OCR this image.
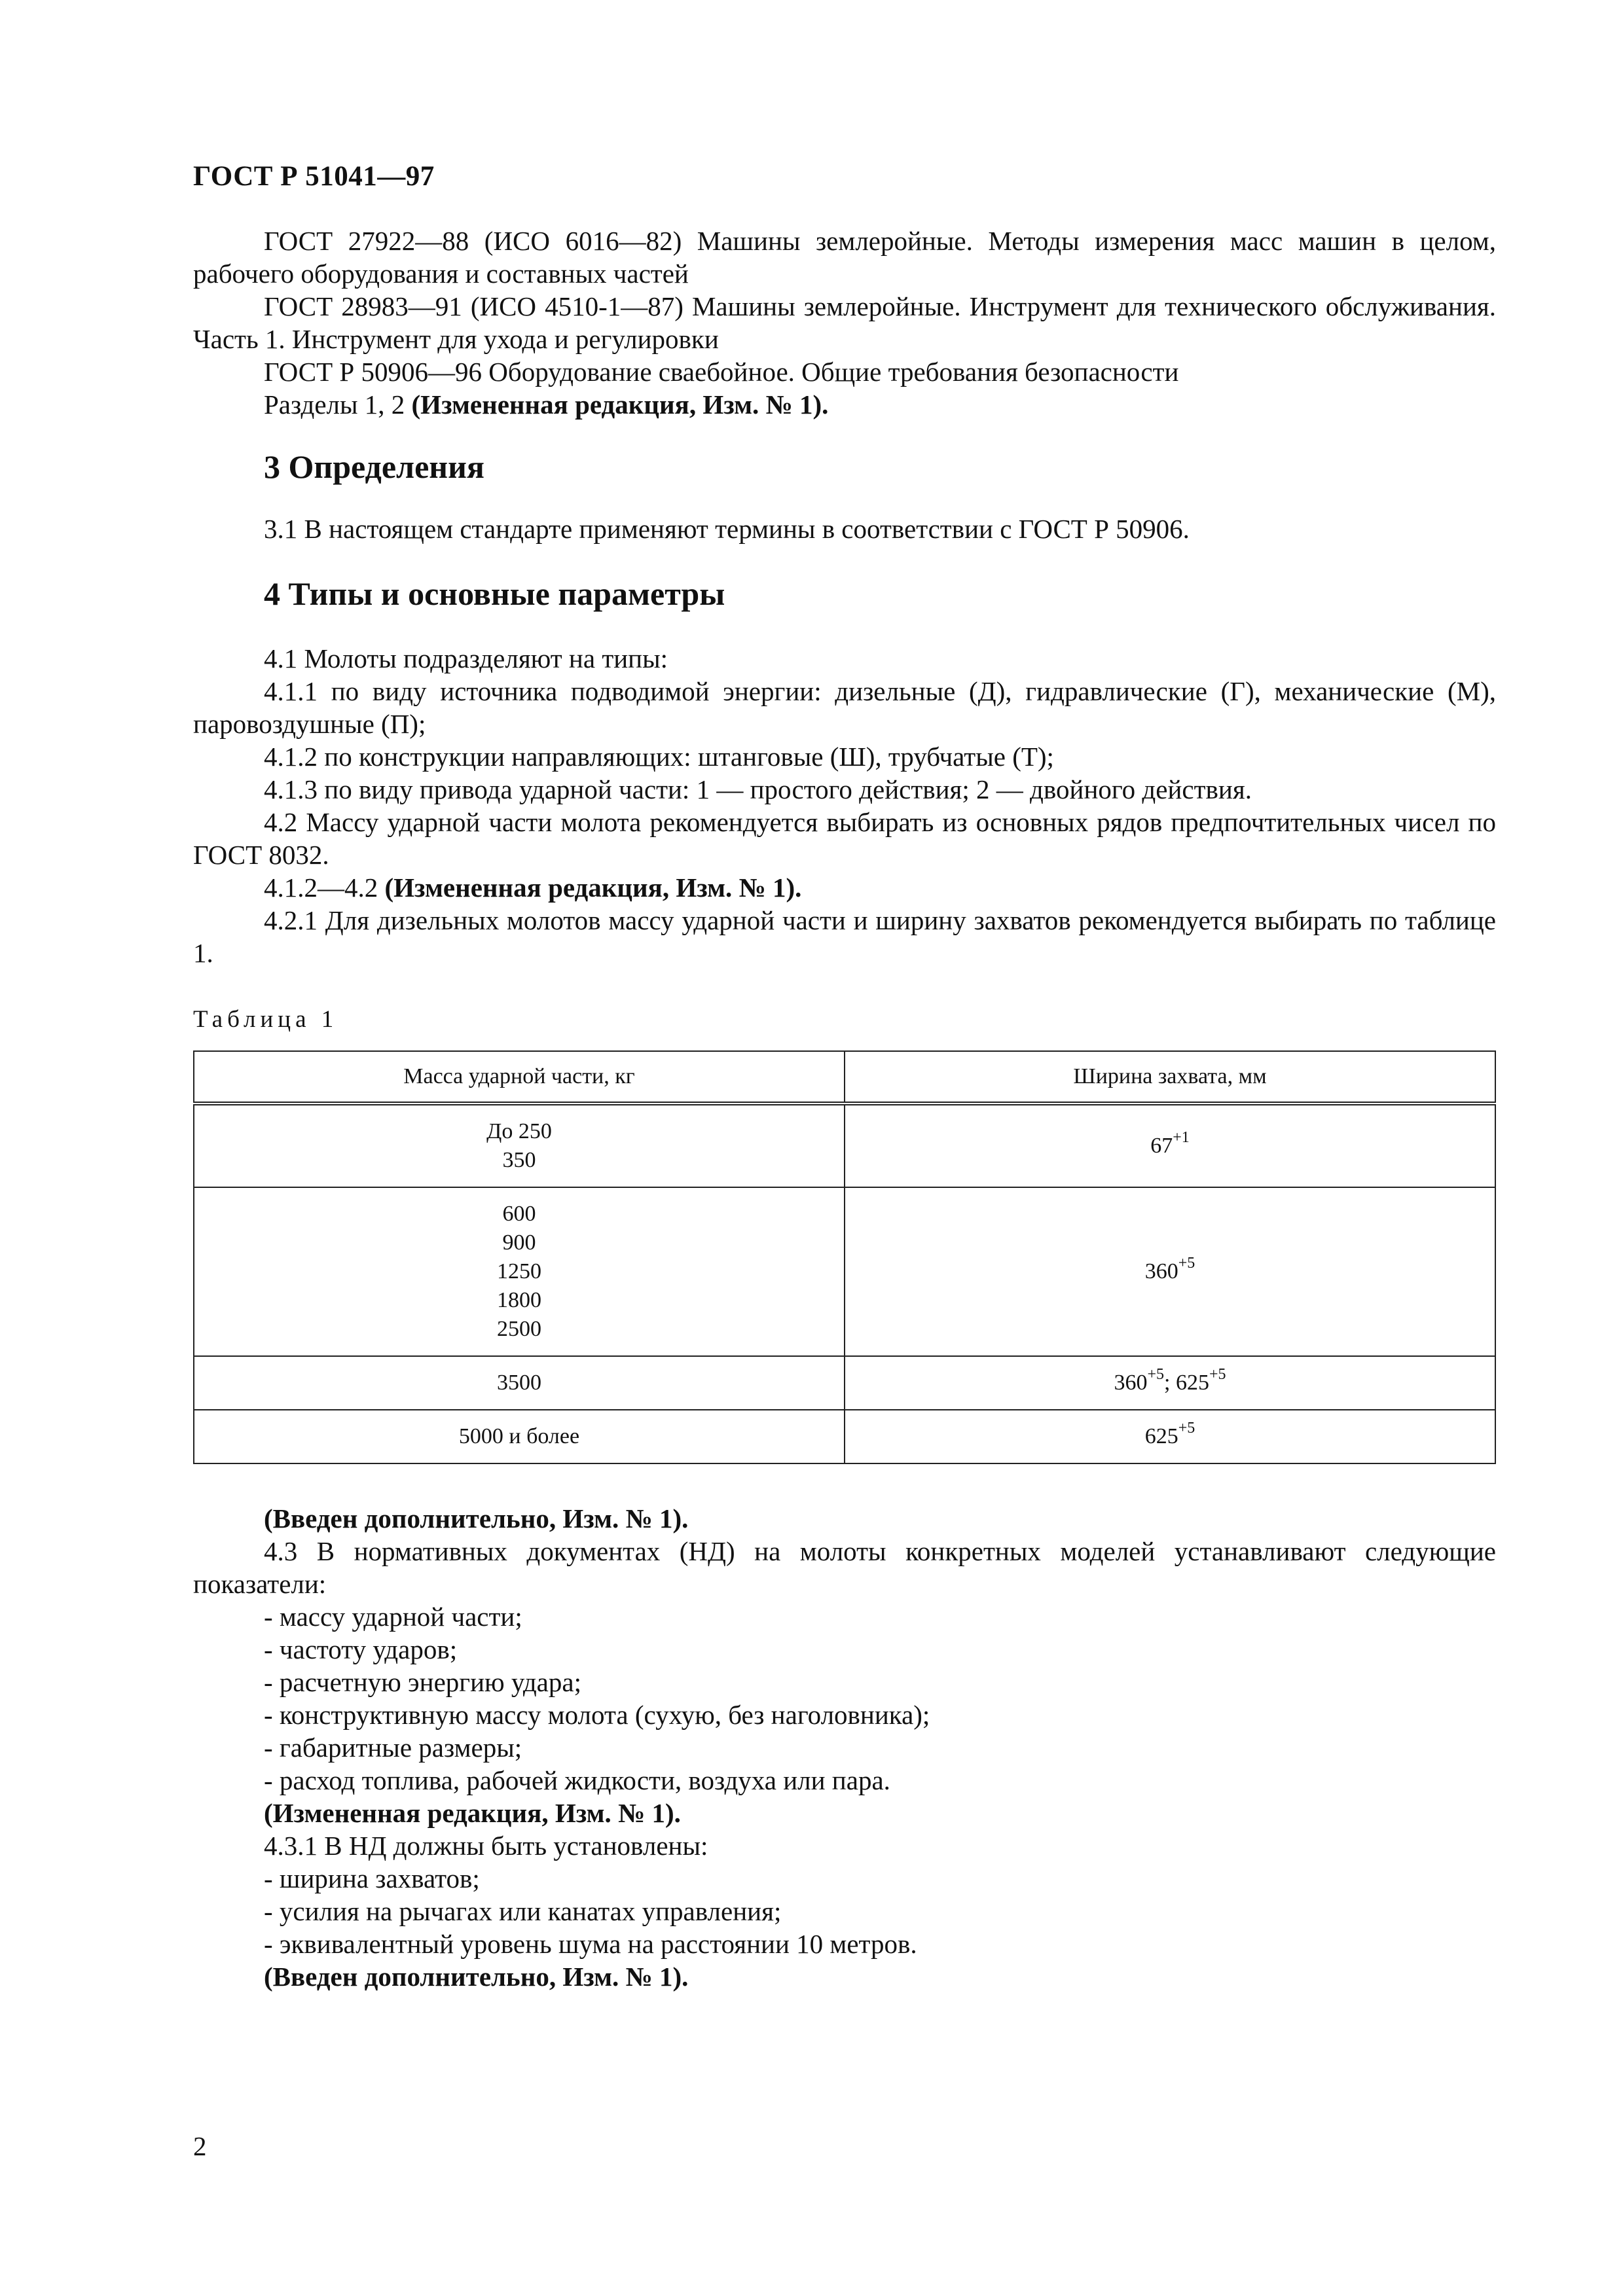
ГОСТ Р 51041—97

ГОСТ 27922—88 (ИСО 6016—82) Машины землеройные. Методы измерения масс машин в целом, рабочего оборудования и составных частей

ГОСТ 28983—91 (ИСО 4510-1—87) Машины землеройные. Инструмент для технического обслуживания. Часть 1. Инструмент для ухода и регулировки

ГОСТ Р 50906—96 Оборудование сваебойное. Общие требования безопасности

Разделы 1, 2 (Измененная редакция, Изм. № 1).

3 Определения

3.1 В настоящем стандарте применяют термины в соответствии с ГОСТ Р 50906.

4 Типы и основные параметры

4.1 Молоты подразделяют на типы:

4.1.1 по виду источника подводимой энергии: дизельные (Д), гидравлические (Г), механические (М), паровоздушные (П);

4.1.2 по конструкции направляющих: штанговые (Ш), трубчатые (Т);

4.1.3 по виду привода ударной части: 1 — простого действия; 2 — двойного действия.

4.2 Массу ударной части молота рекомендуется выбирать из основных рядов предпочтительных чисел по ГОСТ 8032.

4.1.2—4.2 (Измененная редакция, Изм. № 1).

4.2.1 Для дизельных молотов массу ударной части и ширину захватов рекомендуется выбирать по таблице 1.

Таблица 1
Масса ударной части, кг	Ширина захвата, мм

До 250
350	$67^{+1}$

600
900
1250
1800
2500	$360^{+5}$

3500	$360^{+5}$; $625^{+5}$

5000 и более	$625^{+5}$

(Введен дополнительно, Изм. № 1).

4.3 В нормативных документах (НД) на молоты конкретных моделей устанавливают следующие показатели:

- массу ударной части;

- частоту ударов;

- расчетную энергию удара;

- конструктивную массу молота (сухую, без наголовника);

- габаритные размеры;

- расход топлива, рабочей жидкости, воздуха или пара.

(Измененная редакция, Изм. № 1).

4.3.1 В НД должны быть установлены:

- ширина захватов;

- усилия на рычагах или канатах управления;

- эквивалентный уровень шума на расстоянии 10 метров.

(Введен дополнительно, Изм. № 1).

2
